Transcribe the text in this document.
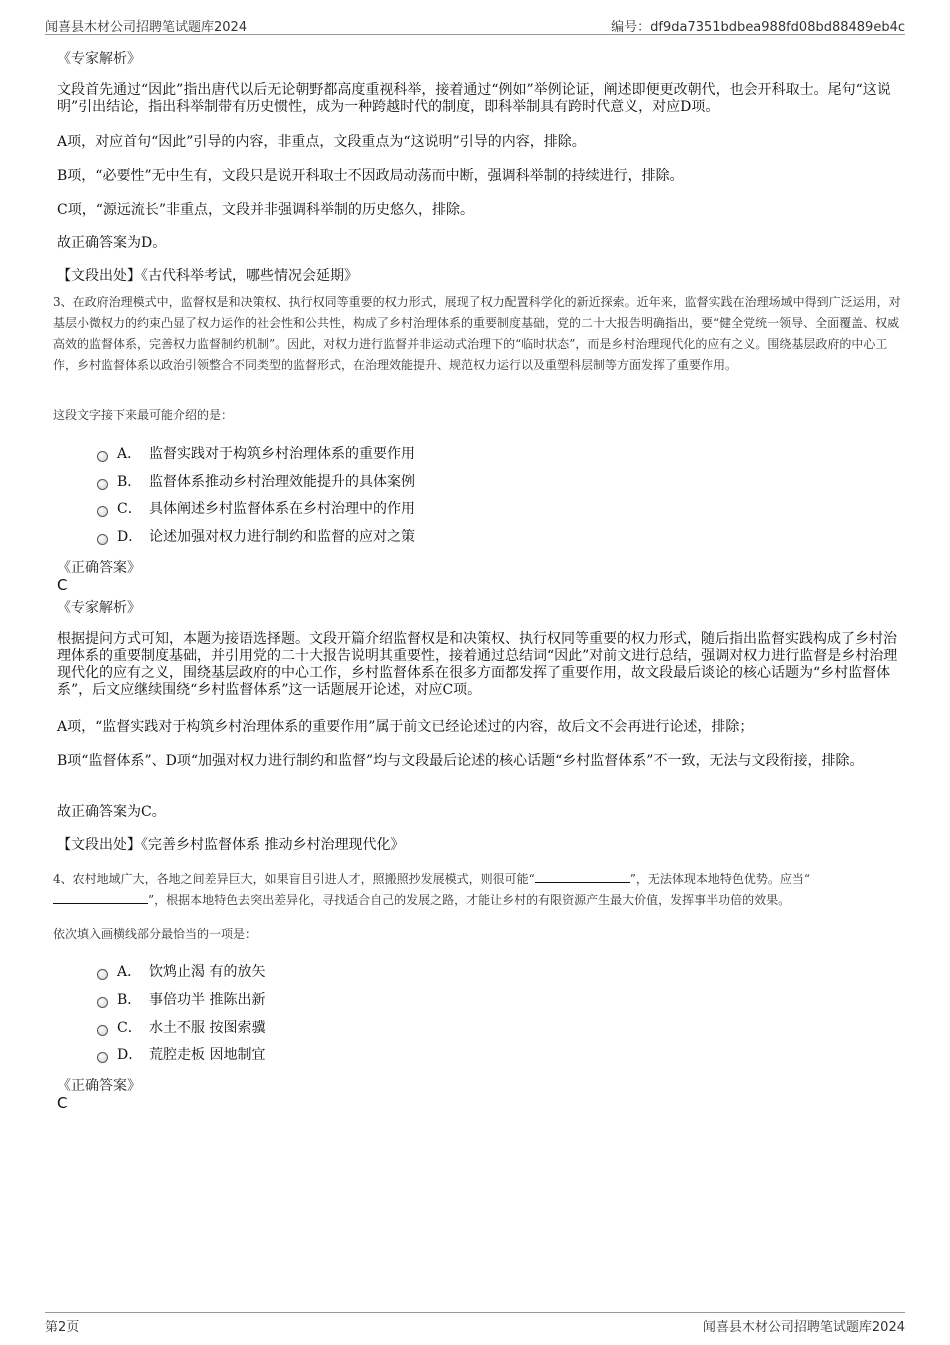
闻喜县木材公司招聘笔试题库2024	编号：df9da7351bdbea988fd08bd88489eb4c
《专家解析》
文段首先通过“因此”指出唐代以后无论朝野都高度重视科举，接着通过“例如”举例论证，阐述即便更改朝代，也会开科取士。尾句“这说明”引出结论，指出科举制带有历史惯性，成为一种跨越时代的制度，即科举制具有跨时代意义，对应D项。
A项，对应首句“因此”引导的内容，非重点，文段重点为“这说明”引导的内容，排除。
B项，“必要性”无中生有，文段只是说开科取士不因政局动荡而中断，强调科举制的持续进行，排除。
C项，“源远流长”非重点，文段并非强调科举制的历史悠久，排除。
故正确答案为D。
【文段出处】《古代科举考试，哪些情况会延期》
3、在政府治理模式中，监督权是和决策权、执行权同等重要的权力形式，展现了权力配置科学化的新近探索。近年来，监督实践在治理场域中得到广泛运用，对基层小微权力的约束凸显了权力运作的社会性和公共性，构成了乡村治理体系的重要制度基础，党的二十大报告明确指出，要“健全党统一领导、全面覆盖、权威高效的监督体系，完善权力监督制约机制”。因此，对权力进行监督并非运动式治理下的“临时状态”，而是乡村治理现代化的应有之义。围绕基层政府的中心工作，乡村监督体系以政治引领整合不同类型的监督形式，在治理效能提升、规范权力运行以及重塑科层制等方面发挥了重要作用。
这段文字接下来最可能介绍的是：
A． 监督实践对于构筑乡村治理体系的重要作用
B． 监督体系推动乡村治理效能提升的具体案例
C． 具体阐述乡村监督体系在乡村治理中的作用
D． 论述加强对权力进行制约和监督的应对之策
《正确答案》
C
《专家解析》
根据提问方式可知，本题为接语选择题。文段开篇介绍监督权是和决策权、执行权同等重要的权力形式，随后指出监督实践构成了乡村治理体系的重要制度基础，并引用党的二十大报告说明其重要性，接着通过总结词“因此”对前文进行总结，强调对权力进行监督是乡村治理现代化的应有之义，围绕基层政府的中心工作，乡村监督体系在很多方面都发挥了重要作用，故文段最后谈论的核心话题为“乡村监督体系”，后文应继续围绕“乡村监督体系”这一话题展开论述，对应C项。
A项，“监督实践对于构筑乡村治理体系的重要作用”属于前文已经论述过的内容，故后文不会再进行论述，排除；
B项“监督体系”、D项“加强对权力进行制约和监督”均与文段最后论述的核心话题“乡村监督体系”不一致，无法与文段衔接，排除。
故正确答案为C。
【文段出处】《完善乡村监督体系 推动乡村治理现代化》
4、农村地域广大，各地之间差异巨大，如果盲目引进人才，照搬照抄发展模式，则很可能“	”，无法体现本地特色优势。应当“”，根据本地特色去突出差异化，寻找适合自己的发展之路，才能让乡村的有限资源产生最大价值，发挥事半功倍的效果。
依次填入画横线部分最恰当的一项是：
A． 饮鸩止渴 有的放矢
B． 事倍功半 推陈出新
C． 水土不服 按图索骥
D． 荒腔走板 因地制宜
《正确答案》
C
第2页	闻喜县木材公司招聘笔试题库2024
